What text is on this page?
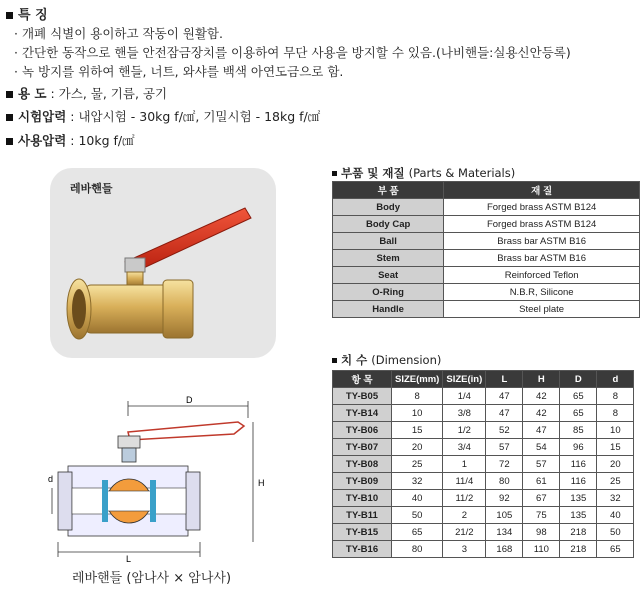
특 징
· 개폐 식별이 용이하고 작동이 원활함.
· 간단한 동작으로 핸들 안전잠금장치를 이용하여 무단 사용을 방지할 수 있음.(나비핸들:실용신안등록)
· 녹 방지를 위하여 핸들, 너트, 와샤를 백색 아연도금으로 함.
용 도 : 가스, 물, 기름, 공기
시험압력 : 내압시험 - 30kg f/㎠, 기밀시험 - 18kg f/㎠
사용압력 : 10kg f/㎠
레바핸들
부품 및 재질 (Parts & Materials)
부 품	재 질
Body	Forged brass ASTM B124
Body Cap	Forged brass ASTM B124
Ball	Brass bar ASTM B16
Stem	Brass bar ASTM B16
Seat	Reinforced Teflon
O-Ring	N.B.R, Silicone
Handle	Steel plate
치 수 (Dimension)
항 목	SIZE(mm)	SIZE(in)	L	H	D	d
TY-B05	8	1/4	47	42	65	8
TY-B14	10	3/8	47	42	65	8
TY-B06	15	1/2	52	47	85	10
TY-B07	20	3/4	57	54	96	15
TY-B08	25	1	72	57	116	20
TY-B09	32	11/4	80	61	116	25
TY-B10	40	11/2	92	67	135	32
TY-B11	50	2	105	75	135	40
TY-B15	65	21/2	134	98	218	50
TY-B16	80	3	168	110	218	65
D
H
d
L
레바핸들 (암나사 × 암나사)
